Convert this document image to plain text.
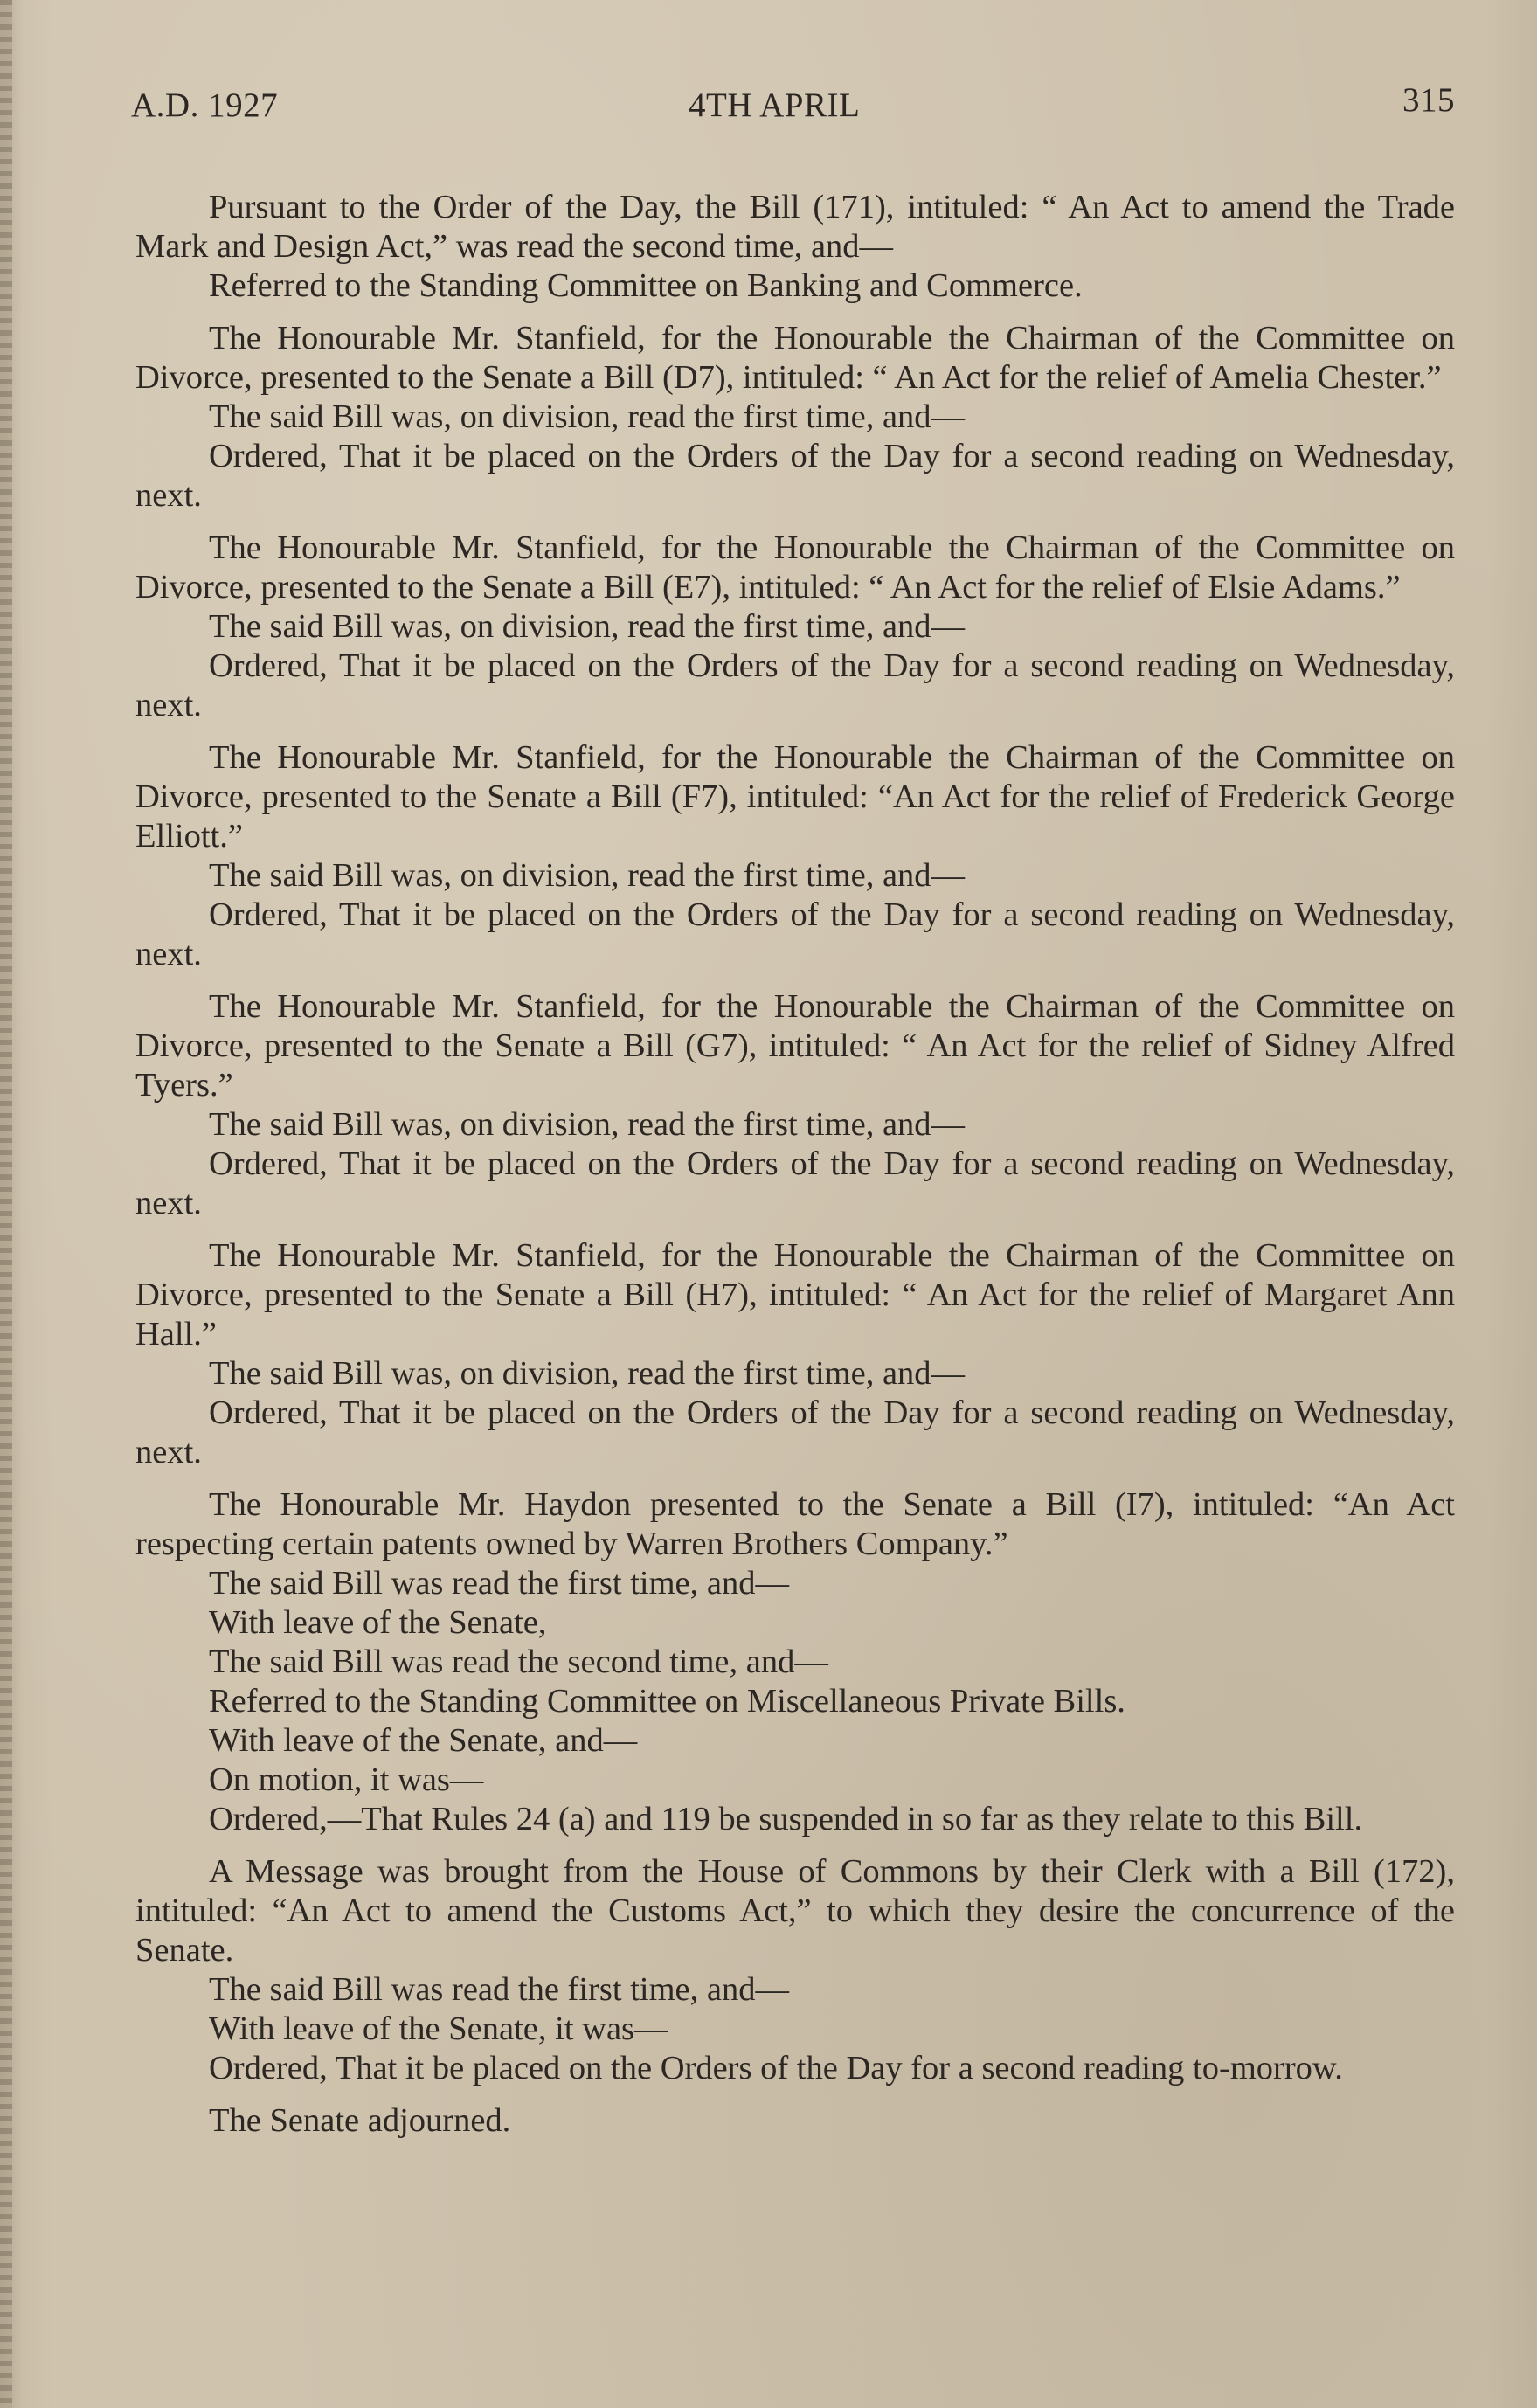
A.D. 1927	4TH APRIL	315

Pursuant to the Order of the Day, the Bill (171), intituled: “ An Act to amend the Trade Mark and Design Act,” was read the second time, and—

Referred to the Standing Committee on Banking and Commerce.

The Honourable Mr. Stanfield, for the Honourable the Chairman of the Committee on Divorce, presented to the Senate a Bill (D7), intituled: “ An Act for the relief of Amelia Chester.”

The said Bill was, on division, read the first time, and—

Ordered, That it be placed on the Orders of the Day for a second reading on Wednesday, next.

The Honourable Mr. Stanfield, for the Honourable the Chairman of the Committee on Divorce, presented to the Senate a Bill (E7), intituled: “ An Act for the relief of Elsie Adams.”

The said Bill was, on division, read the first time, and—

Ordered, That it be placed on the Orders of the Day for a second reading on Wednesday, next.

The Honourable Mr. Stanfield, for the Honourable the Chairman of the Committee on Divorce, presented to the Senate a Bill (F7), intituled: “An Act for the relief of Frederick George Elliott.”

The said Bill was, on division, read the first time, and—

Ordered, That it be placed on the Orders of the Day for a second reading on Wednesday, next.

The Honourable Mr. Stanfield, for the Honourable the Chairman of the Committee on Divorce, presented to the Senate a Bill (G7), intituled: “ An Act for the relief of Sidney Alfred Tyers.”

The said Bill was, on division, read the first time, and—

Ordered, That it be placed on the Orders of the Day for a second reading on Wednesday, next.

The Honourable Mr. Stanfield, for the Honourable the Chairman of the Committee on Divorce, presented to the Senate a Bill (H7), intituled: “ An Act for the relief of Margaret Ann Hall.”

The said Bill was, on division, read the first time, and—

Ordered, That it be placed on the Orders of the Day for a second reading on Wednesday, next.

The Honourable Mr. Haydon presented to the Senate a Bill (I7), intituled: “An Act respecting certain patents owned by Warren Brothers Company.”

The said Bill was read the first time, and—

With leave of the Senate,

The said Bill was read the second time, and—

Referred to the Standing Committee on Miscellaneous Private Bills.

With leave of the Senate, and—

On motion, it was—

Ordered,—That Rules 24 (a) and 119 be suspended in so far as they relate to this Bill.

A Message was brought from the House of Commons by their Clerk with a Bill (172), intituled: “An Act to amend the Customs Act,” to which they desire the concurrence of the Senate.

The said Bill was read the first time, and—

With leave of the Senate, it was—

Ordered, That it be placed on the Orders of the Day for a second reading to-morrow.

The Senate adjourned.
